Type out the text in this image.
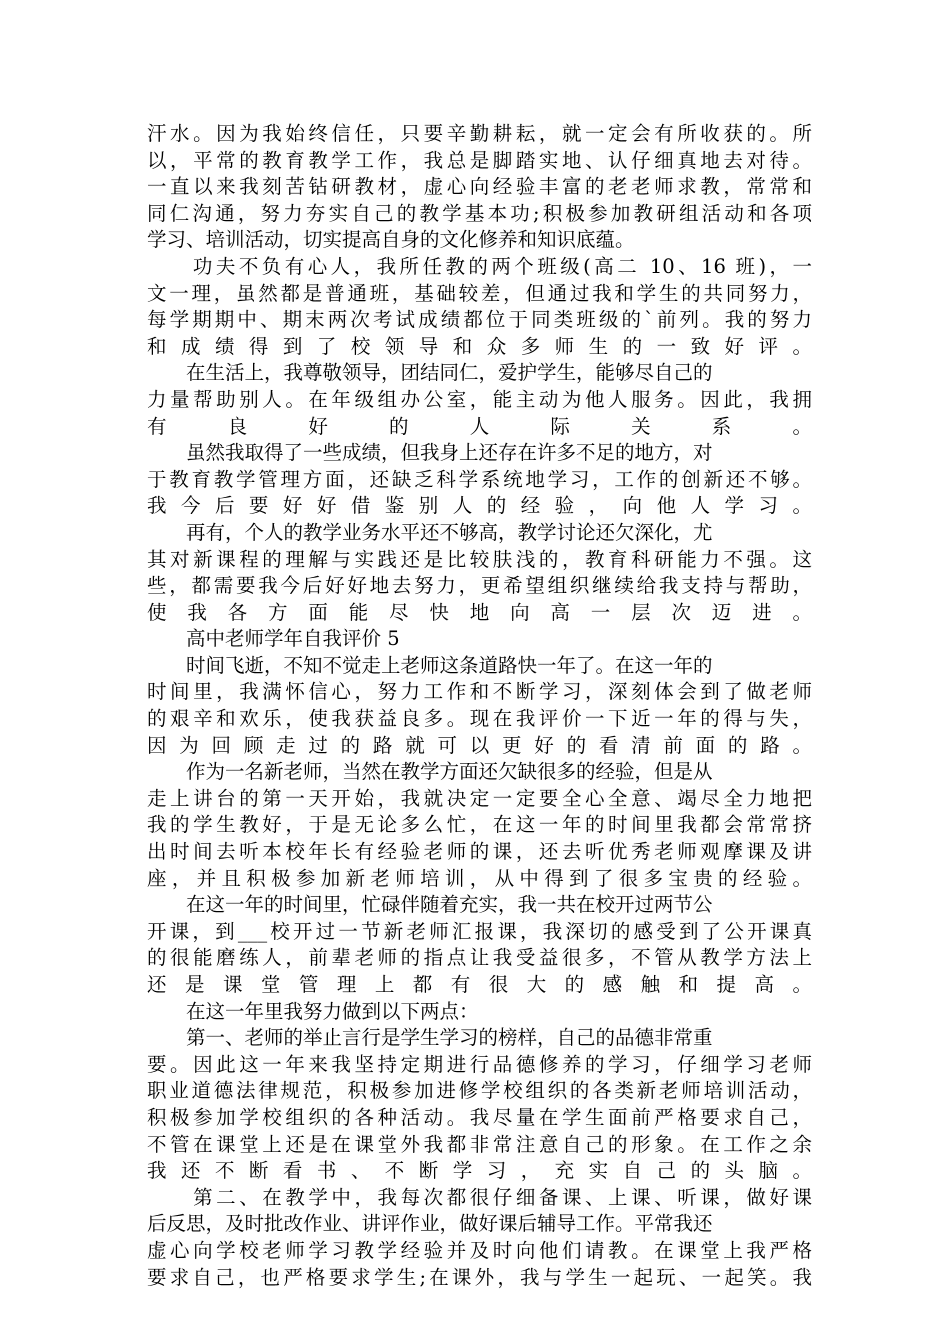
汗水。因为我始终信任，只要辛勤耕耘，就一定会有所收获的。所
以，平常的教育教学工作，我总是脚踏实地、认仔细真地去对待。
一直以来我刻苦钻研教材，虚心向经验丰富的老老师求教，常常和
同仁沟通，努力夯实自己的教学基本功;积极参加教研组活动和各项
学习、培训活动，切实提高自身的文化修养和知识底蕴。
　　功夫不负有心人，我所任教的两个班级(高二 10、16 班)，一
文一理，虽然都是普通班，基础较差，但通过我和学生的共同努力，
每学期期中、期末两次考试成绩都位于同类班级的`前列。我的努力
和成绩得到了校领导和众多师生的一致好评。
　　在生活上，我尊敬领导，团结同仁，爱护学生，能够尽自己的
力量帮助别人。在年级组办公室，能主动为他人服务。因此，我拥
有良好的人际关系。
　　虽然我取得了一些成绩，但我身上还存在许多不足的地方，对
于教育教学管理方面，还缺乏科学系统地学习，工作的创新还不够。
我今后要好好借鉴别人的经验，向他人学习。
　　再有，个人的教学业务水平还不够高，教学讨论还欠深化，尤
其对新课程的理解与实践还是比较肤浅的，教育科研能力不强。这
些，都需要我今后好好地去努力，更希望组织继续给我支持与帮助，
使我各方面能尽快地向高一层次迈进。
　　高中老师学年自我评价 5
　　时间飞逝，不知不觉走上老师这条道路快一年了。在这一年的
时间里，我满怀信心，努力工作和不断学习，深刻体会到了做老师
的艰辛和欢乐，使我获益良多。现在我评价一下近一年的得与失，
因为回顾走过的路就可以更好的看清前面的路。
　　作为一名新老师，当然在教学方面还欠缺很多的经验，但是从
走上讲台的第一天开始，我就决定一定要全心全意、竭尽全力地把
我的学生教好，于是无论多么忙，在这一年的时间里我都会常常挤
出时间去听本校年长有经验老师的课，还去听优秀老师观摩课及讲
座，并且积极参加新老师培训，从中得到了很多宝贵的经验。
　　在这一年的时间里，忙碌伴随着充实，我一共在校开过两节公
开课，到___校开过一节新老师汇报课，我深切的感受到了公开课真
的很能磨练人，前辈老师的指点让我受益很多，不管从教学方法上
还是课堂管理上都有很大的感触和提高。
　　在这一年里我努力做到以下两点：
　　第一、老师的举止言行是学生学习的榜样，自己的品德非常重
要。因此这一年来我坚持定期进行品德修养的学习，仔细学习老师
职业道德法律规范，积极参加进修学校组织的各类新老师培训活动，
积极参加学校组织的各种活动。我尽量在学生面前严格要求自己，
不管在课堂上还是在课堂外我都非常注意自己的形象。在工作之余
我还不断看书、不断学习，充实自己的头脑。
　　第二、在教学中，我每次都很仔细备课、上课、听课，做好课
后反思，及时批改作业、讲评作业，做好课后辅导工作。平常我还
虚心向学校老师学习教学经验并及时向他们请教。在课堂上我严格
要求自己，也严格要求学生;在课外，我与学生一起玩、一起笑。我
